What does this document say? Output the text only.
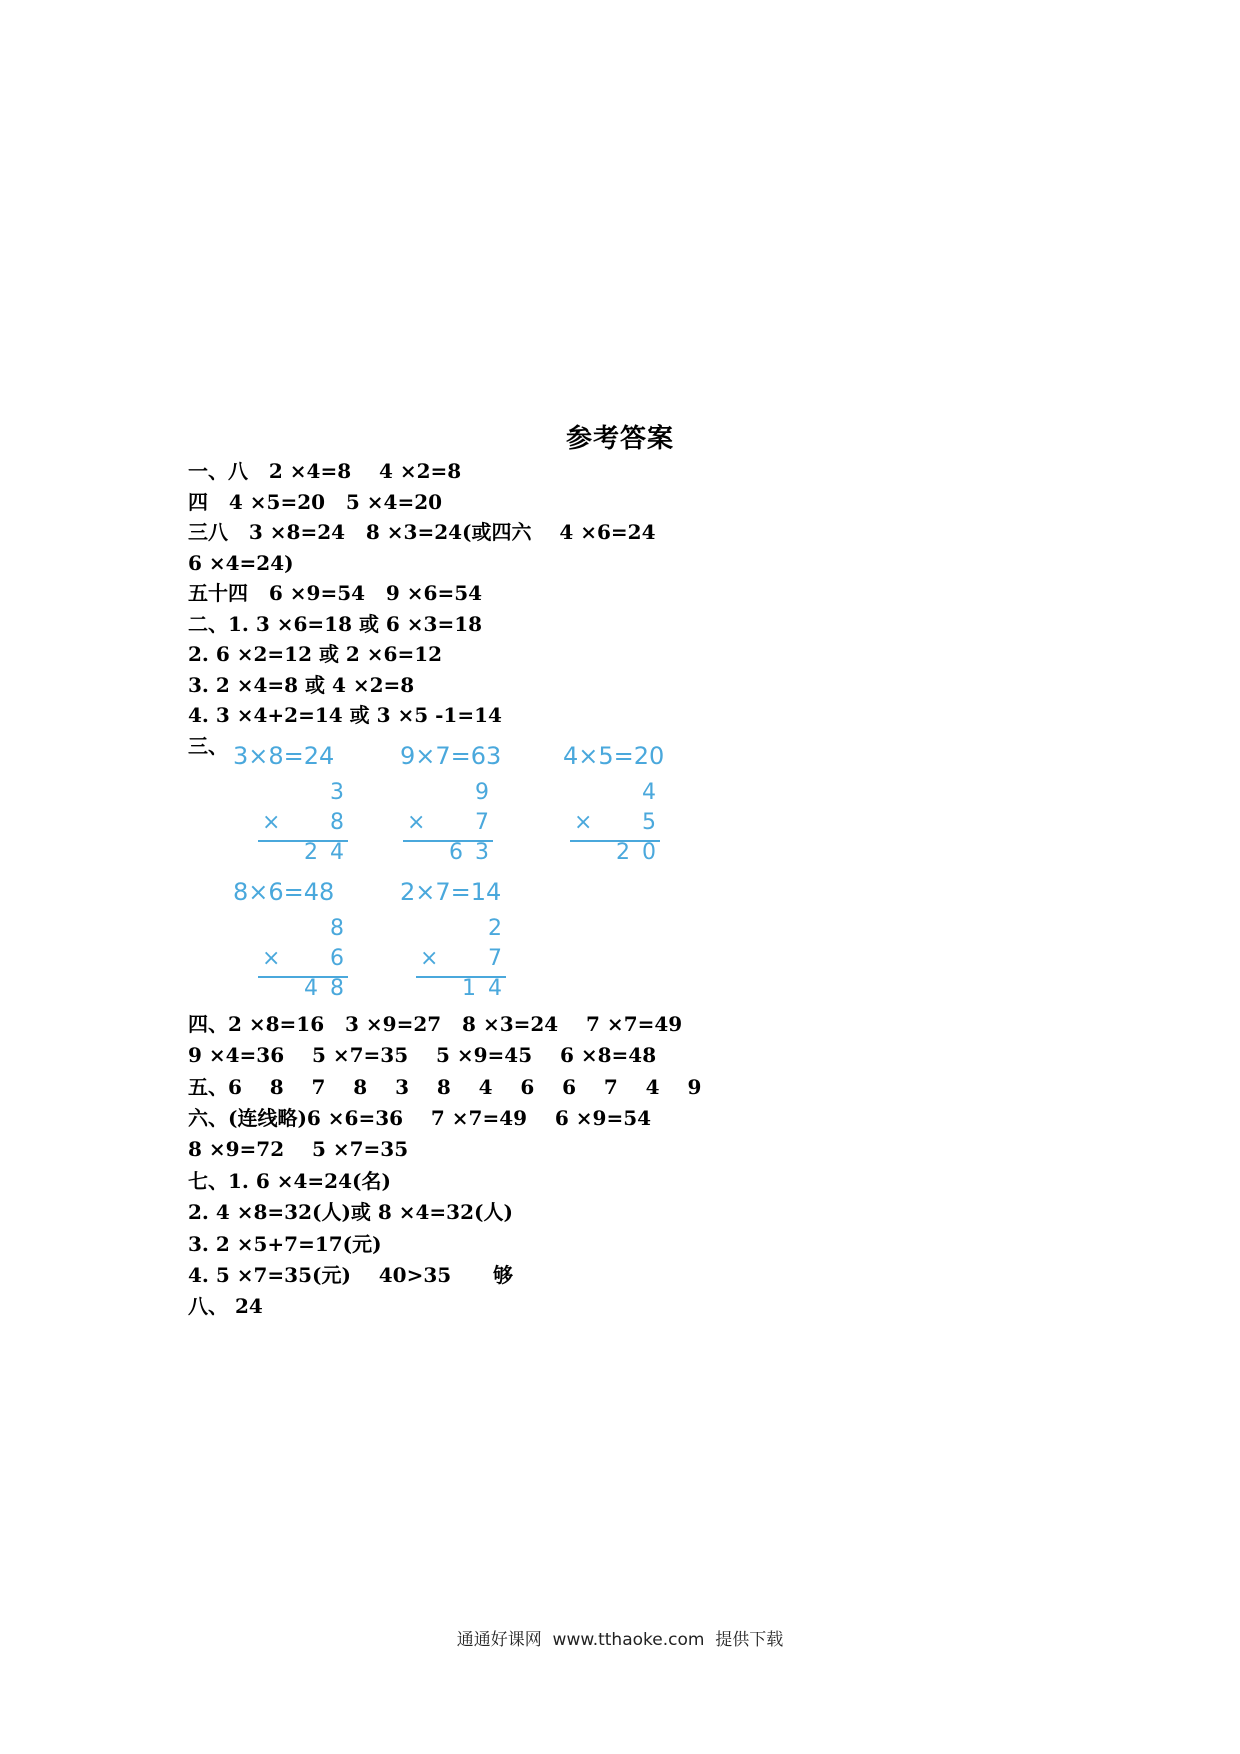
参考答案
一、八   2 ×4=8    4 ×2=8
四   4 ×5=20   5 ×4=20
三八   3 ×8=24   8 ×3=24(或四六    4 ×6=24
6 ×4=24)
五十四   6 ×9=54   9 ×6=54
二、1. 3 ×6=18 或 6 ×3=18
2. 6 ×2=12 或 2 ×6=12
3. 2 ×4=8 或 4 ×2=8
4. 3 ×4+2=14 或 3 ×5 -1=14
三、 3×8=24	9×7=63	4×5=20
3
× 8
24
9
× 7
63
4
× 5
20
8×6=48	2×7=14
8
× 6
48
2
× 7
14
四、2 ×8=16   3 ×9=27   8 ×3=24    7 ×7=49
9 ×4=36    5 ×7=35    5 ×9=45    6 ×8=48
五、6    8    7    8    3    8    4    6    6    7    4    9
六、(连线略)6 ×6=36    7 ×7=49    6 ×9=54
8 ×9=72    5 ×7=35
七、1. 6 ×4=24(名)
2. 4 ×8=32(人)或 8 ×4=32(人)
3. 2 ×5+7=17(元)
4. 5 ×7=35(元)    40>35      够
八、 24
通通好课网  www.tthaoke.com  提供下载
